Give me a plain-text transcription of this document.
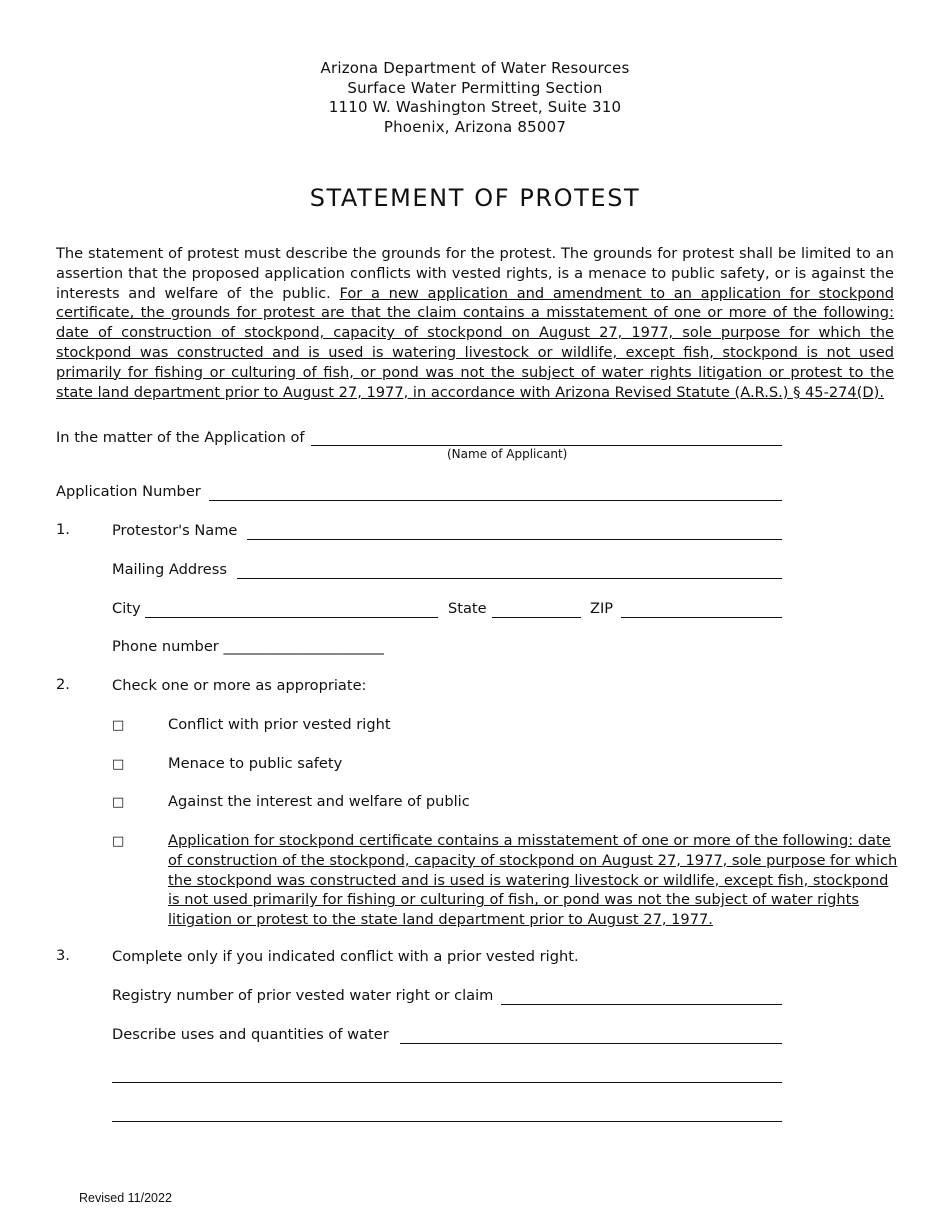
Arizona Department of Water Resources
Surface Water Permitting Section
1110 W. Washington Street, Suite 310
Phoenix, Arizona 85007
STATEMENT OF PROTEST

The statement of protest must describe the grounds for the protest. The grounds for protest shall be limited to an assertion that the proposed application conflicts with vested rights, is a menace to public safety, or is against the interests and welfare of the public. For a new application and amendment to an application for stockpond certificate, the grounds for protest are that the claim contains a misstatement of one or more of the following: date of construction of stockpond, capacity of stockpond on August 27, 1977, sole purpose for which the stockpond was constructed and is used is watering livestock or wildlife, except fish, stockpond is not used primarily for fishing or culturing of fish, or pond was not the subject of water rights litigation or protest to the state land department prior to August 27, 1977, in accordance with Arizona Revised Statute (A.R.S.) § 45-274(D).

In the matter of the Application of
(Name of Applicant)
Application Number
1.	Protestor's Name
Mailing Address
City	State	ZIP
Phone number ______________________
2.	Check one or more as appropriate:
□	Conflict with prior vested right
□	Menace to public safety
□	Against the interest and welfare of public
□	Application for stockpond certificate contains a misstatement of one or more of the following: date of construction of the stockpond, capacity of stockpond on August 27, 1977, sole purpose for which the stockpond was constructed and is used is watering livestock or wildlife, except fish, stockpond is not used primarily for fishing or culturing of fish, or pond was not the subject of water rights litigation or protest to the state land department prior to August 27, 1977.

3.	Complete only if you indicated conflict with a prior vested right.
Registry number of prior vested water right or claim
Describe uses and quantities of water
Revised 11/2022
